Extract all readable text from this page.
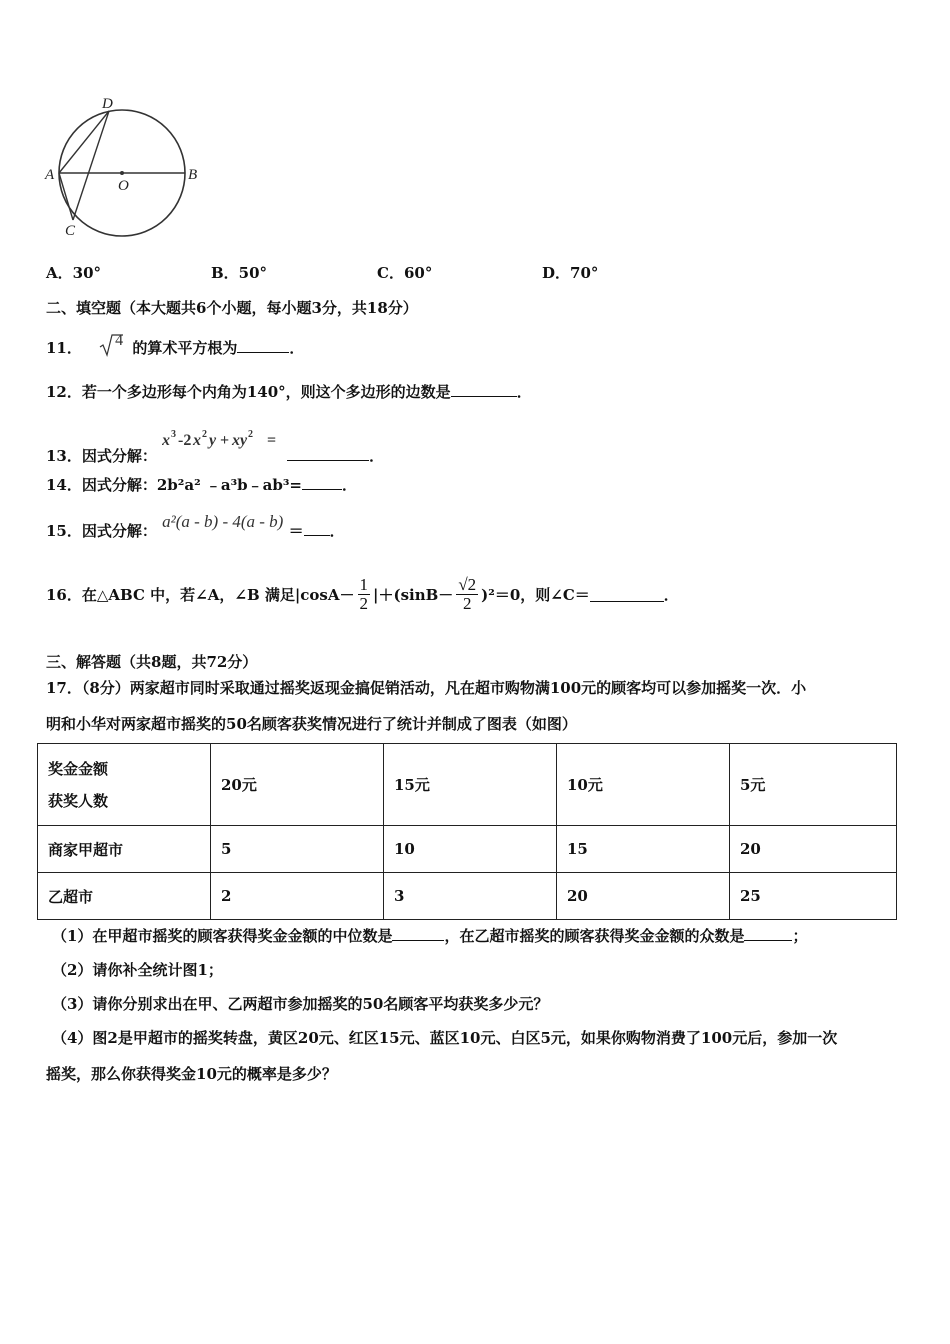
A	B
C
D
O
A．30°	B．50°	C．60°	D．70°
二、填空题（本大题共6个小题，每小题3分，共18分）
11． 4 的算术平方根为	．
12．若一个多边形每个内角为140°，则这个多边形的边数是	．
13．因式分解：
x 3 -2 x 2 y + xy 2 =
．
14．因式分解：2b²a² ﹣a³b﹣ab³=	．
15．因式分解： a²(a - b) - 4(a - b) ＝ ．
16．在△ABC 中，若∠A，∠B 满足$|\cos A- \frac{1}{2} |+(\sin B- \frac{√2}{2} )^2=0$，则∠C＝	．
三、解答题（共8题，共72分）
17．（8分）两家超市同时采取通过摇奖返现金搞促销活动，凡在超市购物满100元的顾客均可以参加摇奖一次．小
明和小华对两家超市摇奖的50名顾客获奖情况进行了统计并制成了图表（如图）
奖金金额
获奖人数	20元	15元	10元	5元
商家甲超市	5	10	15	20
乙超市	2	3	20	25
（1）在甲超市摇奖的顾客获得奖金金额的中位数是	，在乙超市摇奖的顾客获得奖金金额的众数是	；
（2）请你补全统计图1；
（3）请你分别求出在甲、乙两超市参加摇奖的50名顾客平均获奖多少元？
（4）图2是甲超市的摇奖转盘，黄区20元、红区15元、蓝区10元、白区5元，如果你购物消费了100元后，参加一次
摇奖，那么你获得奖金10元的概率是多少？
